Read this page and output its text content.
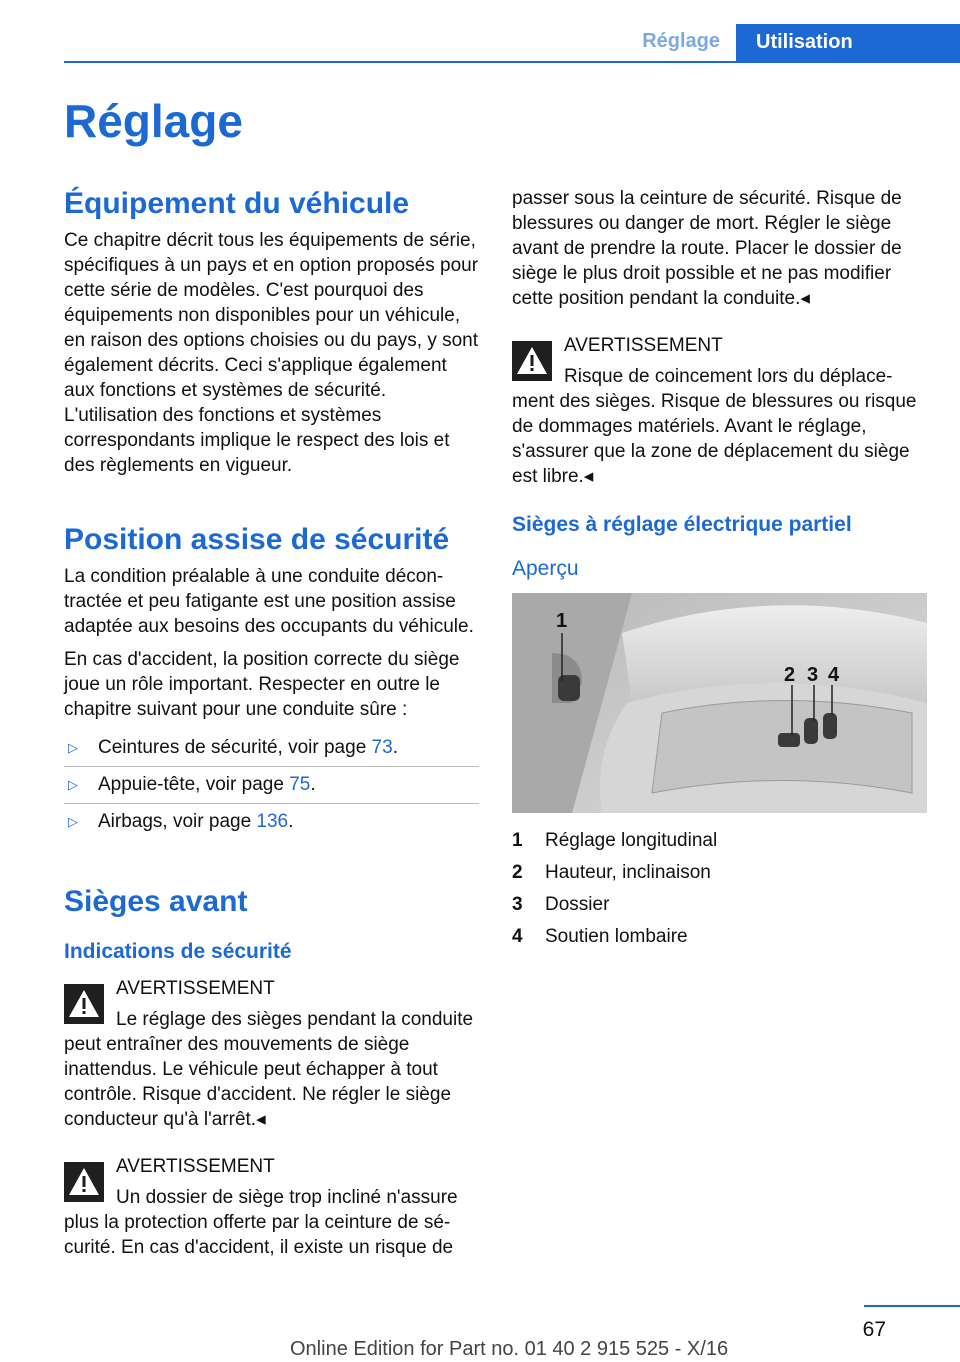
Réglage	Utilisation
Réglage
Équipement du véhicule

Ce chapitre décrit tous les équipements de série, spécifiques à un pays et en option proposés pour cette série de modèles. C'est pourquoi des équipements non disponibles pour un véhicule, en raison des options choisies ou du pays, y sont également décrits. Ceci s'applique également aux fonctions et systèmes de sécurité. L'utilisation des fonctions et systèmes correspondants implique le respect des lois et des règlements en vigueur.

Position assise de sécurité

La condition préalable à une conduite décontractée et peu fatigante est une position assise adaptée aux besoins des occupants du véhicule.

En cas d'accident, la position correcte du siège joue un rôle important. Respecter en outre le chapitre suivant pour une conduite sûre :

▷	Ceintures de sécurité, voir page 73.
▷	Appuie-tête, voir page 75.
▷	Airbags, voir page 136.
Sièges avant
Indications de sécurité
AVERTISSEMENT
Le réglage des sièges pendant la conduite peut entraîner des mouvements de siège inattendus. Le véhicule peut échapper à tout contrôle. Risque d'accident. Ne régler le siège conducteur qu'à l'arrêt.◂
AVERTISSEMENT
Un dossier de siège trop incliné n'assure plus la protection offerte par la ceinture de sécurité. En cas d'accident, il existe un risque de

passer sous la ceinture de sécurité. Risque de blessures ou danger de mort. Régler le siège avant de prendre la route. Placer le dossier de siège le plus droit possible et ne pas modifier cette position pendant la conduite.◂

AVERTISSEMENT
Risque de coincement lors du déplacement des sièges. Risque de blessures ou risque de dommages matériels. Avant le réglage, s'assurer que la zone de déplacement du siège est libre.◂
Sièges à réglage électrique partiel
Aperçu
1
2 3 4
1	Réglage longitudinal
2	Hauteur, inclinaison
3	Dossier
4	Soutien lombaire
67
Online Edition for Part no. 01 40 2 915 525 - X/16
